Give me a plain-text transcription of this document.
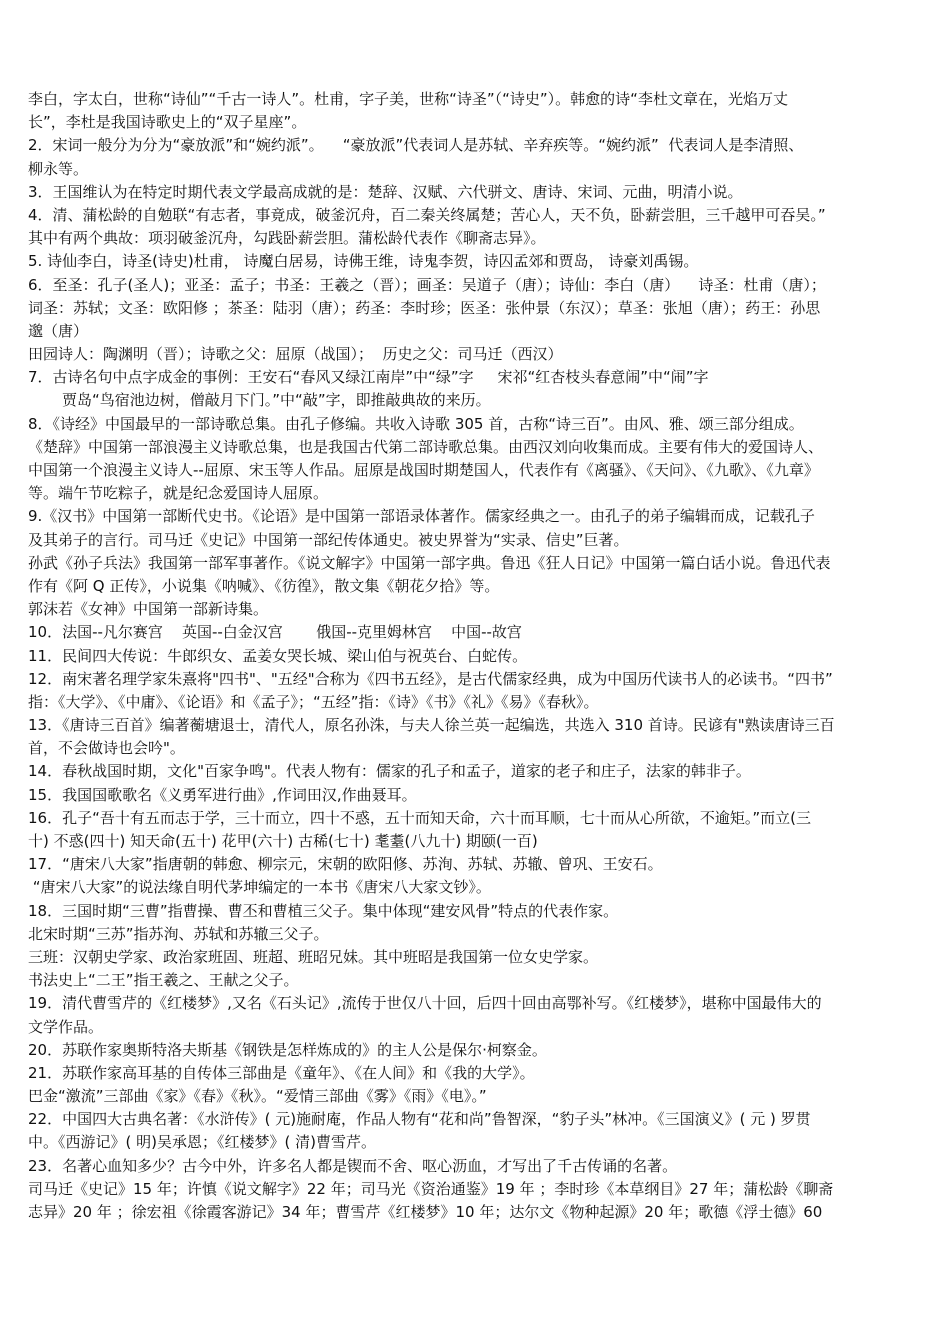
李白，字太白，世称“诗仙”“千古一诗人”。杜甫，字子美，世称“诗圣”（“诗史”）。韩愈的诗“李杜文章在，光焰万丈
长”，李杜是我国诗歌史上的“双子星座”。
2．宋词一般分为分为“豪放派”和“婉约派”。    “豪放派”代表词人是苏轼、辛弃疾等。“婉约派”  代表词人是李清照、
柳永等。
3．王国维认为在特定时期代表文学最高成就的是：楚辞、汉赋、六代骈文、唐诗、宋词、元曲，明清小说。
4．清、蒲松龄的自勉联“有志者，事竟成，破釜沉舟，百二秦关终属楚；苦心人，天不负，卧薪尝胆，三千越甲可吞吴。”
其中有两个典故：项羽破釜沉舟，勾践卧薪尝胆。蒲松龄代表作《聊斋志异》。
5. 诗仙李白，诗圣(诗史)杜甫， 诗魔白居易，诗佛王维，诗鬼李贺，诗囚孟郊和贾岛， 诗豪刘禹锡。
6．至圣：孔子(圣人)；亚圣：孟子；书圣：王羲之（晋）；画圣：吴道子（唐）；诗仙：李白（唐）    诗圣：杜甫（唐）；
词圣：苏轼；文圣：欧阳修 ；茶圣：陆羽（唐）；药圣：李时珍；医圣：张仲景（东汉）；草圣：张旭（唐）；药王：孙思
邈（唐）
田园诗人：陶渊明（晋）；诗歌之父：屈原（战国）；  历史之父：司马迁（西汉）
7．古诗名句中点字成金的事例：王安石“春风又绿江南岸”中“绿”字     宋祁“红杏枝头春意闹”中“闹”字
贾岛“鸟宿池边树，僧敲月下门。”中“敲”字，即推敲典故的来历。
8．《诗经》中国最早的一部诗歌总集。由孔子修编。共收入诗歌 305 首，古称“诗三百”。由风、雅、颂三部分组成。
《楚辞》中国第一部浪漫主义诗歌总集，也是我国古代第二部诗歌总集。由西汉刘向收集而成。主要有伟大的爱国诗人、
中国第一个浪漫主义诗人--屈原、宋玉等人作品。屈原是战国时期楚国人，代表作有《离骚》、《天问》、《九歌》、《九章》
等。端午节吃粽子，就是纪念爱国诗人屈原。
9.《汉书》中国第一部断代史书。《论语》是中国第一部语录体著作。儒家经典之一。由孔子的弟子编辑而成，记载孔子
及其弟子的言行。司马迁《史记》中国第一部纪传体通史。被史界誉为“实录、信史”巨著。
孙武《孙子兵法》我国第一部军事著作。《说文解字》中国第一部字典。鲁迅《狂人日记》中国第一篇白话小说。鲁迅代表
作有《阿 Q 正传》，小说集《呐喊》、《彷徨》，散文集《朝花夕拾》等。
郭沫若《女神》中国第一部新诗集。
10．法国--凡尔赛宫    英国--白金汉宫       俄国--克里姆林宫    中国--故宫
11．民间四大传说：牛郎织女、孟姜女哭长城、梁山伯与祝英台、白蛇传。
12．南宋著名理学家朱熹将"四书"、"五经"合称为《四书五经》，是古代儒家经典，成为中国历代读书人的必读书。“四书”
指：《大学》、《中庸》、《论语》和《孟子》；“五经”指：《诗》《书》《礼》《易》《春秋》。
13．《唐诗三百首》编著蘅塘退士，清代人，原名孙洙，与夫人徐兰英一起编选，共选入 310 首诗。民谚有"熟读唐诗三百
首，不会做诗也会吟"。
14．春秋战国时期，文化"百家争鸣"。代表人物有：儒家的孔子和孟子，道家的老子和庄子，法家的韩非子。
15．我国国歌歌名《义勇军进行曲》,作词田汉,作曲聂耳。
16．孔子“吾十有五而志于学，三十而立，四十不惑，五十而知天命，六十而耳顺，七十而从心所欲，不逾矩。”而立(三
十) 不惑(四十) 知天命(五十) 花甲(六十) 古稀(七十) 耄耋(八九十) 期颐(一百)
17．“唐宋八大家”指唐朝的韩愈、柳宗元，宋朝的欧阳修、苏洵、苏轼、苏辙、曾巩、王安石。
“唐宋八大家”的说法缘自明代茅坤编定的一本书《唐宋八大家文钞》。
18．三国时期“三曹”指曹操、曹丕和曹植三父子。集中体现“建安风骨”特点的代表作家。
北宋时期“三苏”指苏洵、苏轼和苏辙三父子。
三班：汉朝史学家、政治家班固、班超、班昭兄妹。其中班昭是我国第一位女史学家。
书法史上“二王”指王羲之、王献之父子。
19．清代曹雪芹的《红楼梦》,又名《石头记》,流传于世仅八十回，后四十回由高鄂补写。《红楼梦》，堪称中国最伟大的
文学作品。
20．苏联作家奥斯特洛夫斯基《钢铁是怎样炼成的》的主人公是保尔·柯察金。
21．苏联作家高耳基的自传体三部曲是《童年》、《在人间》和《我的大学》。
巴金“激流”三部曲《家》《春》《秋》。“爱情三部曲《雾》《雨》《电》。”
22．中国四大古典名著：《水浒传》( 元)施耐庵，作品人物有“花和尚”鲁智深，“豹子头”林冲。《三国演义》( 元 ) 罗贯
中。《西游记》( 明)吴承恩；《红楼梦》( 清)曹雪芹。
23．名著心血知多少？古今中外，许多名人都是锲而不舍、呕心沥血，才写出了千古传诵的名著。
司马迁《史记》15 年；许慎《说文解字》22 年；司马光《资治通鉴》19 年 ；李时珍《本草纲目》27 年；蒲松龄《聊斋
志异》20 年 ；徐宏祖《徐霞客游记》34 年；曹雪芹《红楼梦》10 年；达尔文《物种起源》20 年；歌德《浮士德》60
